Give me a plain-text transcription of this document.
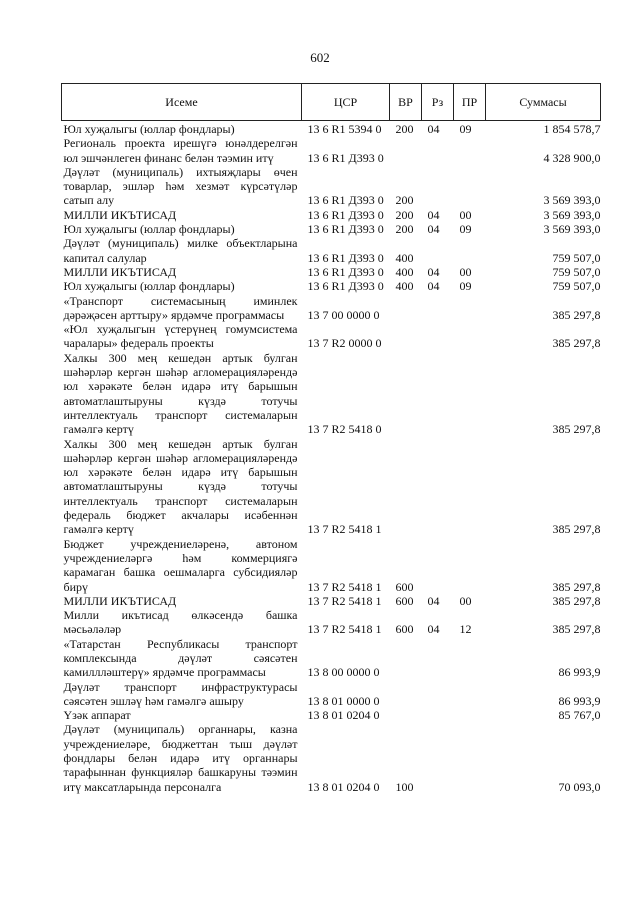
602
Исеме	ЦСР	ВР	Рз	ПР	Суммасы
Юл хуҗалыгы (юллар фондлары)	13 6 R1 5394 0	200	04	09	1 854 578,7
Региональ проекта ирешүгә юнәлдерелгән юл эшчәнлеген финанс белән тәэмин итү	13 6 R1 Д393 0				4 328 900,0
Дәүләт (муниципаль) ихтыяҗлары өчен товарлар, эшләр һәм хезмәт күрсәтүләр сатып алу	13 6 R1 Д393 0	200			3 569 393,0
МИЛЛИ ИКЪТИСАД	13 6 R1 Д393 0	200	04	00	3 569 393,0
Юл хуҗалыгы (юллар фондлары)	13 6 R1 Д393 0	200	04	09	3 569 393,0
Дәүләт (муниципаль) милке объектларына капитал салулар	13 6 R1 Д393 0	400			759 507,0
МИЛЛИ ИКЪТИСАД	13 6 R1 Д393 0	400	04	00	759 507,0
Юл хуҗалыгы (юллар фондлары)	13 6 R1 Д393 0	400	04	09	759 507,0
«Транспорт системасының иминлек дәрәҗәсен арттыру» ярдәмче программасы	13 7 00 0000 0				385 297,8
«Юл хуҗалыгын үстерүнең гомумсистема чаралары» федераль проекты	13 7 R2 0000 0				385 297,8
Халкы 300 мең кешедән артык булган шәһәрләр кергән шәһәр агломерацияләрендә юл хәрәкәте белән идарә итү барышын автоматлаштыруны күздә тотучы интеллектуаль транспорт системаларын гамәлгә кертү	13 7 R2 5418 0				385 297,8
Халкы 300 мең кешедән артык булган шәһәрләр кергән шәһәр агломерацияләрендә юл хәрәкәте белән идарә итү барышын автоматлаштыруны күздә тотучы интеллектуаль транспорт системаларын федераль бюджет акчалары исәбеннән гамәлгә кертү	13 7 R2 5418 1				385 297,8
Бюджет учреждениеләренә, автоном учреждениеләргә һәм коммерциягә карамаган башка оешмаларга субсидияләр бирү	13 7 R2 5418 1	600			385 297,8
МИЛЛИ ИКЪТИСАД	13 7 R2 5418 1	600	04	00	385 297,8
Милли икътисад өлкәсендә башка мәсьәләләр	13 7 R2 5418 1	600	04	12	385 297,8
«Татарстан Республикасы транспорт комплексында дәүләт сәясәтен камиллләштерү» ярдәмче программасы	13 8 00 0000 0				86 993,9
Дәүләт транспорт инфраструктурасы сәясәтен эшләү һәм гамәлгә ашыру	13 8 01 0000 0				86 993,9
Үзәк аппарат	13 8 01 0204 0				85 767,0
Дәүләт (муниципаль) органнары, казна учреждениеләре, бюджеттан тыш дәүләт фондлары белән идарә итү органнары тарафыннан функцияләр башкаруны тәэмин итү максатларында персоналга	13 8 01 0204 0	100			70 093,0
